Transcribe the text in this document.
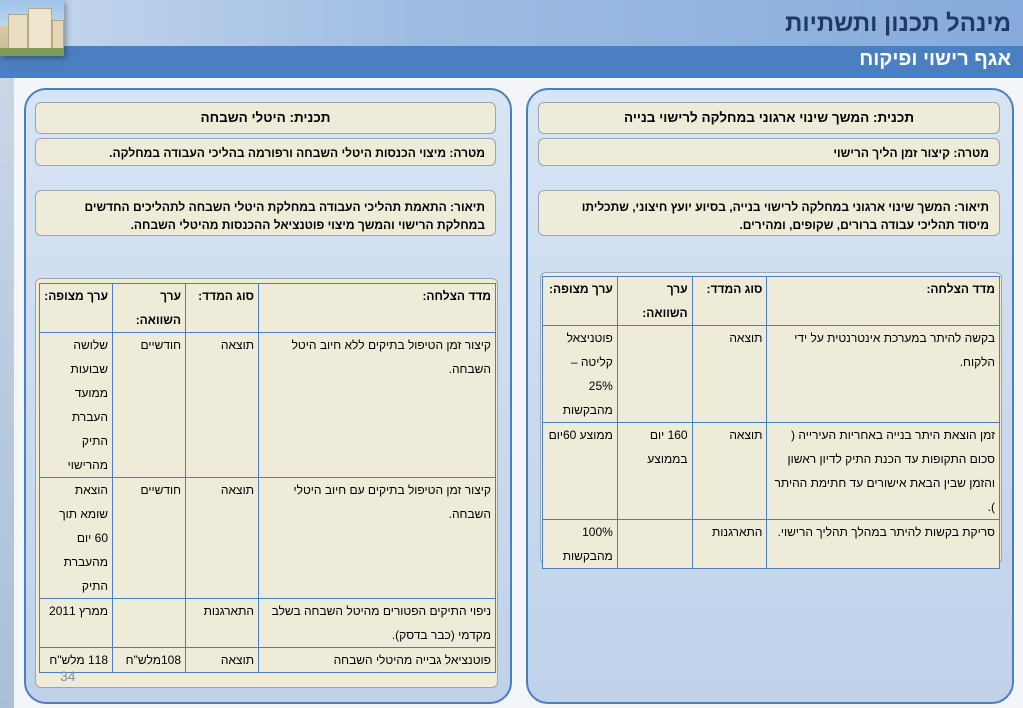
מינהל תכנון ותשתיות
אגף רישוי ופיקוח
תכנית: המשך שינוי ארגוני במחלקה לרישוי בנייה
מטרה: קיצור זמן הליך הרישוי
תיאור: המשך שינוי ארגוני במחלקה לרישוי בנייה, בסיוע יועץ חיצוני, שתכליתו מיסוד תהליכי עבודה ברורים, שקופים, ומהירים.
מדד הצלחה:	סוג המדד:	ערך השוואה:	ערך מצופה:
בקשה להיתר במערכת אינטרנטית על ידי הלקוח.	תוצאה		פוטניצאל קליטה – 25% מהבקשות
זמן הוצאת היתר בנייה באחריות העירייה ( סכום התקופות עד הכנת התיק לדיון ראשון והזמן שבין הבאת אישורים עד חתימת ההיתר ).	תוצאה	160 יום בממוצע	ממוצע 60יום
סריקת בקשות להיתר במהלך תהליך הרישוי.	התארגנות		100% מהבקשות
תכנית: היטלי השבחה
מטרה: מיצוי הכנסות היטלי השבחה ורפורמה בהליכי העבודה במחלקה.
תיאור: התאמת תהליכי העבודה במחלקת היטלי השבחה לתהליכים החדשים במחלקת הרישוי והמשך מיצוי פוטנציאל ההכנסות מהיטלי השבחה.
מדד הצלחה:	סוג המדד:	ערך השוואה:	ערך מצופה:
קיצור זמן הטיפול בתיקים ללא חיוב היטל השבחה.	תוצאה	חודשיים	שלושה שבועות ממועד העברת התיק מהרישוי
קיצור זמן הטיפול בתיקים עם חיוב היטלי השבחה.	תוצאה	חודשיים	הוצאת שומא תוך 60 יום מהעברת התיק
ניפוי התיקים הפטורים מהיטל השבחה בשלב מקדמי (כבר בדסק).	התארגנות		ממרץ 2011
פוטנציאל גבייה מהיטלי השבחה	תוצאה	108מלש"ח	118 מלש"ח
34
